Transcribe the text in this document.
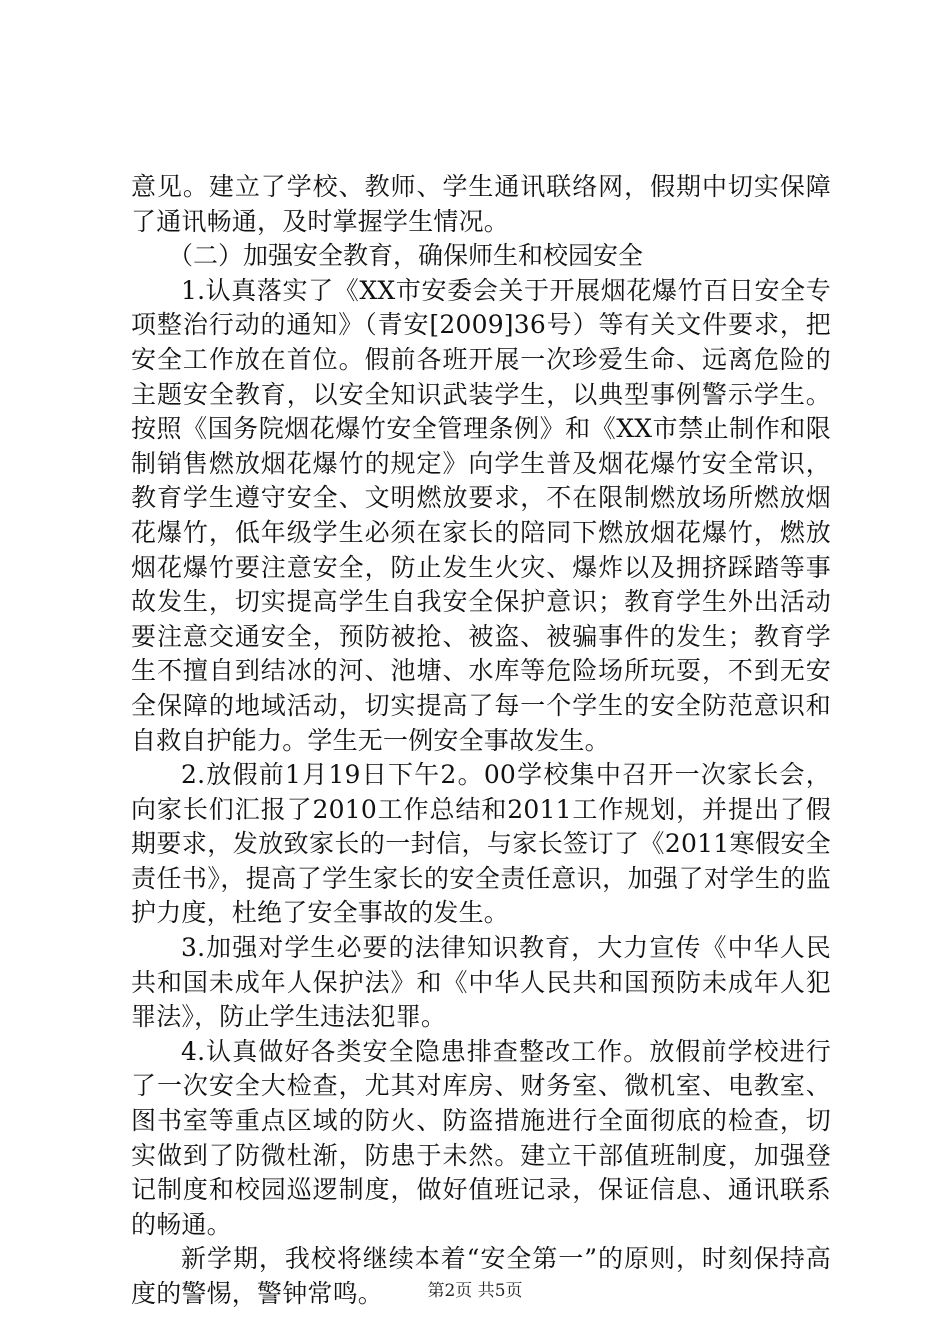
意见。建立了学校、教师、学生通讯联络网，假期中切实保障了通讯畅通，及时掌握学生情况。

（二）加强安全教育，确保师生和校园安全

1.认真落实了《XX市安委会关于开展烟花爆竹百日安全专项整治行动的通知》（青安[2009]36号）等有关文件要求，把安全工作放在首位。假前各班开展一次珍爱生命、远离危险的主题安全教育，以安全知识武装学生，以典型事例警示学生。按照《国务院烟花爆竹安全管理条例》和《XX市禁止制作和限制销售燃放烟花爆竹的规定》向学生普及烟花爆竹安全常识，教育学生遵守安全、文明燃放要求，不在限制燃放场所燃放烟花爆竹，低年级学生必须在家长的陪同下燃放烟花爆竹，燃放烟花爆竹要注意安全，防止发生火灾、爆炸以及拥挤踩踏等事故发生，切实提高学生自我安全保护意识；教育学生外出活动要注意交通安全，预防被抢、被盗、被骗事件的发生；教育学生不擅自到结冰的河、池塘、水库等危险场所玩耍，不到无安全保障的地域活动，切实提高了每一个学生的安全防范意识和自救自护能力。学生无一例安全事故发生。

2.放假前1月19日下午2。00学校集中召开一次家长会，向家长们汇报了2010工作总结和2011工作规划，并提出了假期要求，发放致家长的一封信，与家长签订了《2011寒假安全责任书》，提高了学生家长的安全责任意识，加强了对学生的监护力度，杜绝了安全事故的发生。

3.加强对学生必要的法律知识教育，大力宣传《中华人民共和国未成年人保护法》和《中华人民共和国预防未成年人犯罪法》，防止学生违法犯罪。

4.认真做好各类安全隐患排查整改工作。放假前学校进行了一次安全大检查，尤其对库房、财务室、微机室、电教室、图书室等重点区域的防火、防盗措施进行全面彻底的检查，切实做到了防微杜渐，防患于未然。建立干部值班制度，加强登记制度和校园巡逻制度，做好值班记录，保证信息、通讯联系的畅通。

新学期，我校将继续本着“安全第一”的原则，时刻保持高度的警惕，警钟常鸣。	第2页 共5页
